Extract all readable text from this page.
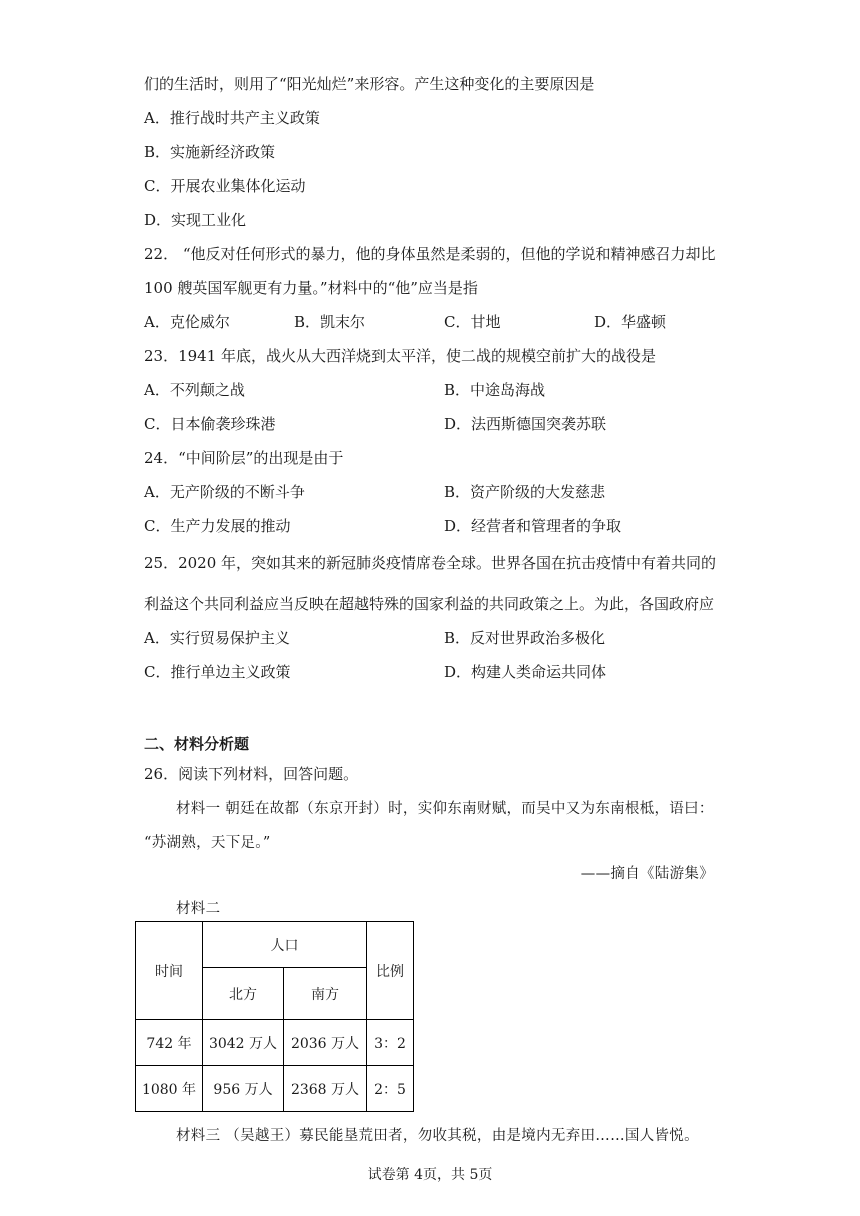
们的生活时，则用了“阳光灿烂”来形容。产生这种变化的主要原因是
A．推行战时共产主义政策
B．实施新经济政策
C．开展农业集体化运动
D．实现工业化
22． “他反对任何形式的暴力，他的身体虽然是柔弱的，但他的学说和精神感召力却比
100 艘英国军舰更有力量。”材料中的“他”应当是指
A．克伦威尔	B．凯末尔	C．甘地	D．华盛顿
23．1941 年底，战火从大西洋烧到太平洋，使二战的规模空前扩大的战役是
A．不列颠之战	B．中途岛海战
C．日本偷袭珍珠港	D．法西斯德国突袭苏联
24．“中间阶层”的出现是由于
A．无产阶级的不断斗争	B．资产阶级的大发慈悲
C．生产力发展的推动	D．经营者和管理者的争取
25．2020 年，突如其来的新冠肺炎疫情席卷全球。世界各国在抗击疫情中有着共同的
利益这个共同利益应当反映在超越特殊的国家利益的共同政策之上。为此，各国政府应
A．实行贸易保护主义	B．反对世界政治多极化
C．推行单边主义政策	D．构建人类命运共同体
二、材料分析题
26．阅读下列材料，回答问题。
材料一 朝廷在故都（东京开封）时，实仰东南财赋，而吴中又为东南根柢，语曰：
“苏湖熟，天下足。”
——摘自《陆游集》
材料二
时间	人口		比例
	北方	南方	
742 年	3042 万人	2036 万人	3：2
1080 年	956 万人	2368 万人	2：5
材料三 （吴越王）募民能垦荒田者，勿收其税，由是境内无弃田……国人皆悦。
试卷第 4页，共 5页
